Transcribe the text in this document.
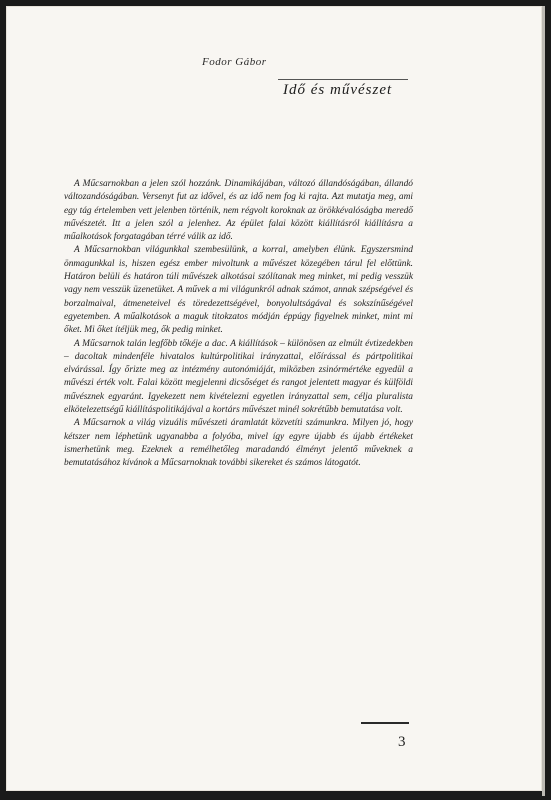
Fodor Gábor
Idő és művészet

A Műcsarnokban a jelen szól hozzánk. Dinamikájában, változó állandóságában, állandó változandóságában. Versenyt fut az idővel, és az idő nem fog ki rajta. Azt mutatja meg, ami egy tág értelemben vett jelenben történik, nem régvolt koroknak az örökkévalóságba meredő művészetét. Itt a jelen szól a jelenhez. Az épület falai között kiállításról kiállításra a műalkotások forgatagában térré válik az idő.

A Műcsarnokban világunkkal szembesülünk, a korral, amelyben élünk. Egyszersmind önmagunkkal is, hiszen egész ember mivoltunk a művészet közegében tárul fel előttünk. Határon belüli és határon túli művészek alkotásai szólítanak meg minket, mi pedig vesszük vagy nem vesszük üzenetüket. A művek a mi világunkról adnak számot, annak szépségével és borzalmaival, átmeneteivel és töredezettségével, bonyolultságával és sokszínűségével egyetemben. A műalkotások a maguk titokzatos módján éppúgy figyelnek minket, mint mi őket. Mi őket ítéljük meg, ők pedig minket.

A Műcsarnok talán legfőbb tőkéje a dac. A kiállítások – különösen az elmúlt évtizedekben – dacoltak mindenféle hivatalos kultúrpolitikai irányzattal, előírással és pártpolitikai elvárással. Így őrizte meg az intézmény autonómiáját, miközben zsinórmértéke egyedül a művészi érték volt. Falai között megjelenni dicsőséget és rangot jelentett magyar és külföldi művésznek egyaránt. Igyekezett nem kivételezni egyetlen irányzattal sem, célja pluralista elkötelezettségű kiállításpolitikájával a kortárs művészet minél sokrétűbb bemutatása volt.

A Műcsarnok a világ vizuális művészeti áramlatát közvetíti számunkra. Milyen jó, hogy kétszer nem léphetünk ugyanabba a folyóba, mivel így egyre újabb és újabb értékeket ismerhetünk meg. Ezeknek a remélhetőleg maradandó élményt jelentő műveknek a bemutatásához kívánok a Műcsarnoknak további sikereket és számos látogatót.

3
